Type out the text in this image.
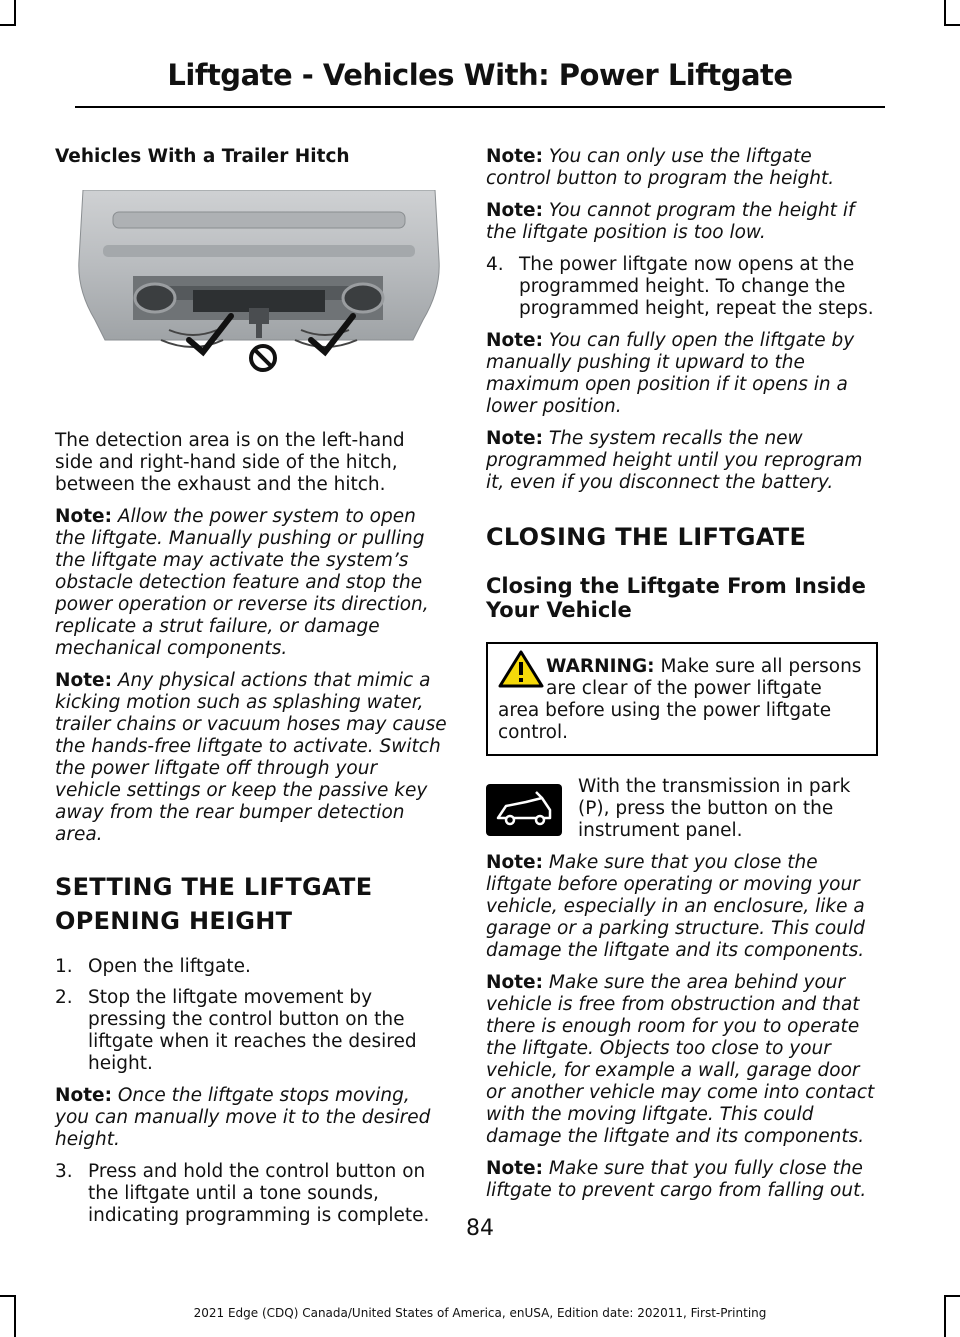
Liftgate - Vehicles With: Power Liftgate

Vehicles With a Trailer Hitch

The detection area is on the left-hand side and right-hand side of the hitch, between the exhaust and the hitch.

Note: Allow the power system to open the liftgate. Manually pushing or pulling the liftgate may activate the system’s obstacle detection feature and stop the power operation or reverse its direction, replicate a strut failure, or damage mechanical components.

Note: Any physical actions that mimic a kicking motion such as splashing water, trailer chains or vacuum hoses may cause the hands-free liftgate to activate. Switch the power liftgate off through your vehicle settings or keep the passive key away from the rear bumper detection area.

SETTING THE LIFTGATE
OPENING HEIGHT
1. Open the liftgate.
2. Stop the liftgate movement by pressing the control button on the liftgate when it reaches the desired height.

Note: Once the liftgate stops moving, you can manually move it to the desired height.

3. Press and hold the control button on the liftgate until a tone sounds, indicating programming is complete.

Note: You can only use the liftgate control button to program the height.

Note: You cannot program the height if the liftgate position is too low.

4. The power liftgate now opens at the programmed height. To change the programmed height, repeat the steps.

Note: You can fully open the liftgate by manually pushing it upward to the maximum open position if it opens in a lower position.

Note: The system recalls the new programmed height until you reprogram it, even if you disconnect the battery.

CLOSING THE LIFTGATE
Closing the Liftgate From Inside Your Vehicle
WARNING: Make sure all persons are clear of the power liftgate area before using the power liftgate control.

With the transmission in park (P), press the button on the instrument panel.

Note: Make sure that you close the liftgate before operating or moving your vehicle, especially in an enclosure, like a garage or a parking structure. This could damage the liftgate and its components.

Note: Make sure the area behind your vehicle is free from obstruction and that there is enough room for you to operate the liftgate. Objects too close to your vehicle, for example a wall, garage door or another vehicle may come into contact with the moving liftgate. This could damage the liftgate and its components.

Note: Make sure that you fully close the liftgate to prevent cargo from falling out.

84
2021 Edge (CDQ) Canada/United States of America, enUSA, Edition date: 202011, First-Printing
